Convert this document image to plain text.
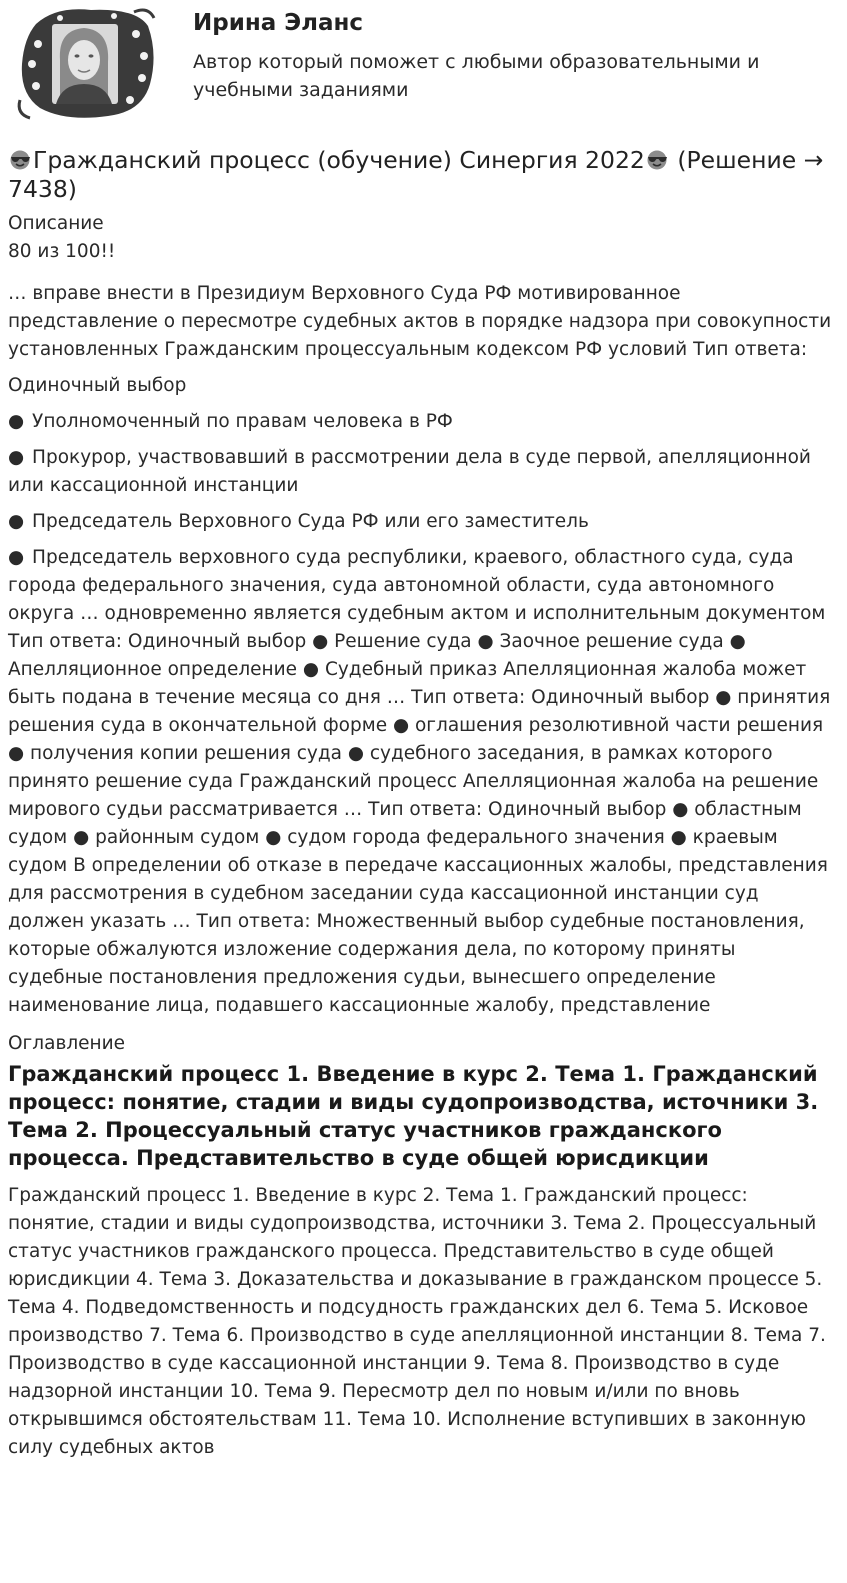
Ирина Эланс

Автор который поможет с любыми образовательными и учебными заданиями

Гражданский процесс (обучение) Синергия 2022 (Решение → 7438)

Описание

80 из 100!!

… вправе внести в Президиум Верховного Суда РФ мотивированное представление о пересмотре судебных актов в порядке надзора при совокупности установленных Гражданским процессуальным кодексом РФ условий Тип ответа:

Одиночный выбор

● Уполномоченный по правам человека в РФ

● Прокурор, участвовавший в рассмотрении дела в суде первой, апелляционной или кассационной инстанции

● Председатель Верховного Суда РФ или его заместитель

● Председатель верховного суда республики, краевого, областного суда, суда города федерального значения, суда автономной области, суда автономного округа … одновременно является судебным актом и исполнительным документом Тип ответа: Одиночный выбор ● Решение суда ● Заочное решение суда ● Апелляционное определение ● Судебный приказ Апелляционная жалоба может быть подана в течение месяца со дня … Тип ответа: Одиночный выбор ● принятия решения суда в окончательной форме ● оглашения резолютивной части решения ● получения копии решения суда ● судебного заседания, в рамках которого принято решение суда Гражданский процесс Апелляционная жалоба на решение мирового судьи рассматривается … Тип ответа: Одиночный выбор ● областным судом ● районным судом ● судом города федерального значения ● краевым судом В определении об отказе в передаче кассационных жалобы, представления для рассмотрения в судебном заседании суда кассационной инстанции суд должен указать … Тип ответа: Множественный выбор судебные постановления, которые обжалуются изложение содержания дела, по которому приняты судебные постановления предложения судьи, вынесшего определение наименование лица, подавшего кассационные жалобу, представление

Оглавление

Гражданский процесс 1. Введение в курс 2. Тема 1. Гражданский процесс: понятие, стадии и виды судопроизводства, источники 3. Тема 2. Процессуальный статус участников гражданского процесса. Представительство в суде общей юрисдикции

Гражданский процесс 1. Введение в курс 2. Тема 1. Гражданский процесс: понятие, стадии и виды судопроизводства, источники 3. Тема 2. Процессуальный статус участников гражданского процесса. Представительство в суде общей юрисдикции 4. Тема 3. Доказательства и доказывание в гражданском процессе 5. Тема 4. Подведомственность и подсудность гражданских дел 6. Тема 5. Исковое производство 7. Тема 6. Производство в суде апелляционной инстанции 8. Тема 7. Производство в суде кассационной инстанции 9. Тема 8. Производство в суде надзорной инстанции 10. Тема 9. Пересмотр дел по новым и/или по вновь открывшимся обстоятельствам 11. Тема 10. Исполнение вступивших в законную силу судебных актов
